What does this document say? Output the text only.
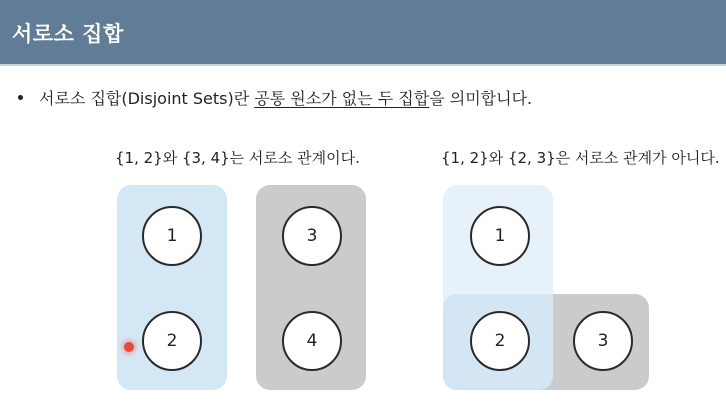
서로소 집합
서로소 집합(Disjoint Sets)란 공통 원소가 없는 두 집합을 의미합니다.
{1, 2}와 {3, 4}는 서로소 관계이다.
1
2
3
4
{1, 2}와 {2, 3}은 서로소 관계가 아니다.
1
2	3
